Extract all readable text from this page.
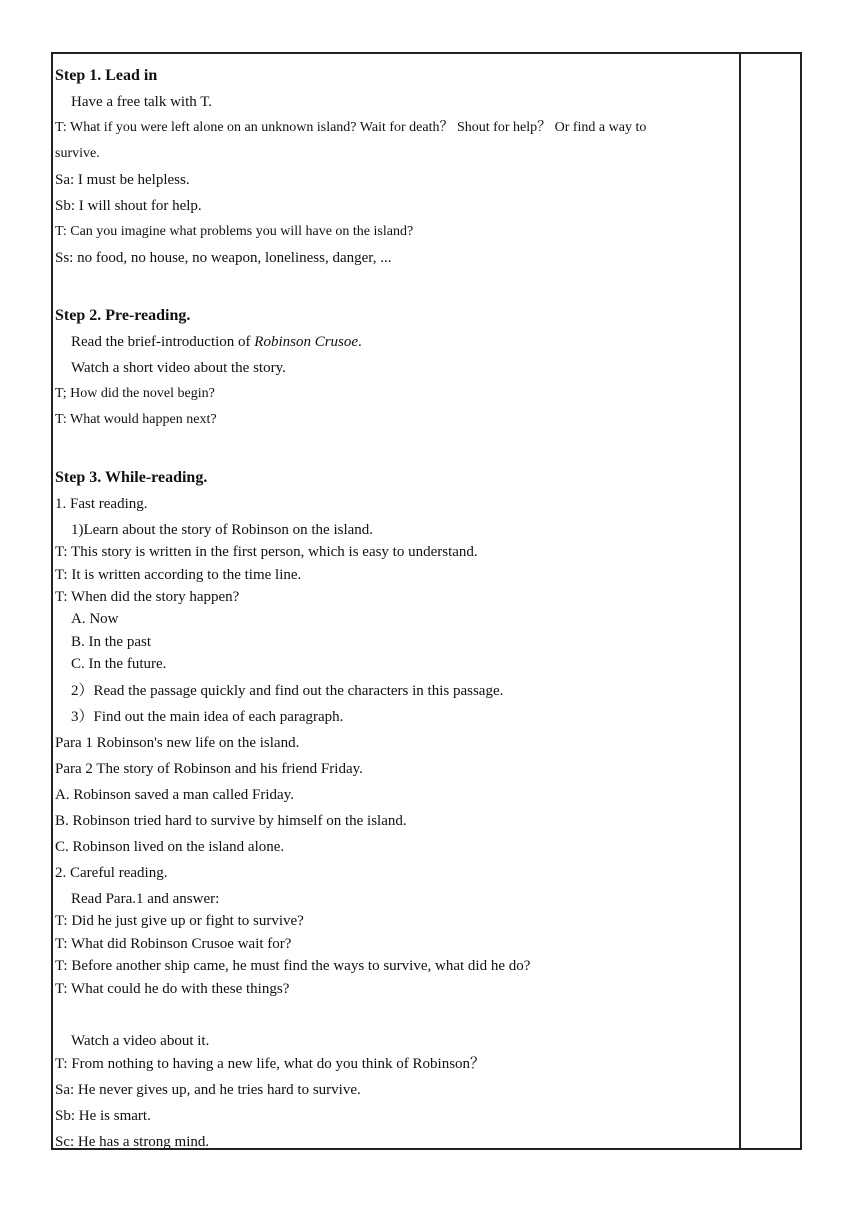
Step 1. Lead in
Have a free talk with T.
T: What if you were left alone on an unknown island? Wait for death？ Shout for help？ Or find a way to
survive.
Sa: I must be helpless.
Sb: I will shout for help.
T: Can you imagine what problems you will have on the island?
Ss: no food, no house, no weapon, loneliness, danger, ...
Step 2. Pre-reading.
Read the brief-introduction of Robinson Crusoe.
Watch a short video about the story.
T; How did the novel begin?
T: What would happen next?
Step 3. While-reading.
1. Fast reading.
1)Learn about the story of Robinson on the island.
T: This story is written in the first person, which is easy to understand.
T: It is written according to the time line.
T: When did the story happen?
A. Now
B. In the past
C. In the future.
2）Read the passage quickly and find out the characters in this passage.
3）Find out the main idea of each paragraph.
Para 1 Robinson's new life on the island.
Para 2 The story of Robinson and his friend Friday.
A. Robinson saved a man called Friday.
B. Robinson tried hard to survive by himself on the island.
C. Robinson lived on the island alone.
2. Careful reading.
Read Para.1 and answer:
T: Did he just give up or fight to survive?
T: What did Robinson Crusoe wait for?
T: Before another ship came, he must find the ways to survive, what did he do?
T: What could he do with these things?
Watch a video about it.
T: From nothing to having a new life, what do you think of Robinson？
Sa: He never gives up, and he tries hard to survive.
Sb: He is smart.
Sc: He has a strong mind.
